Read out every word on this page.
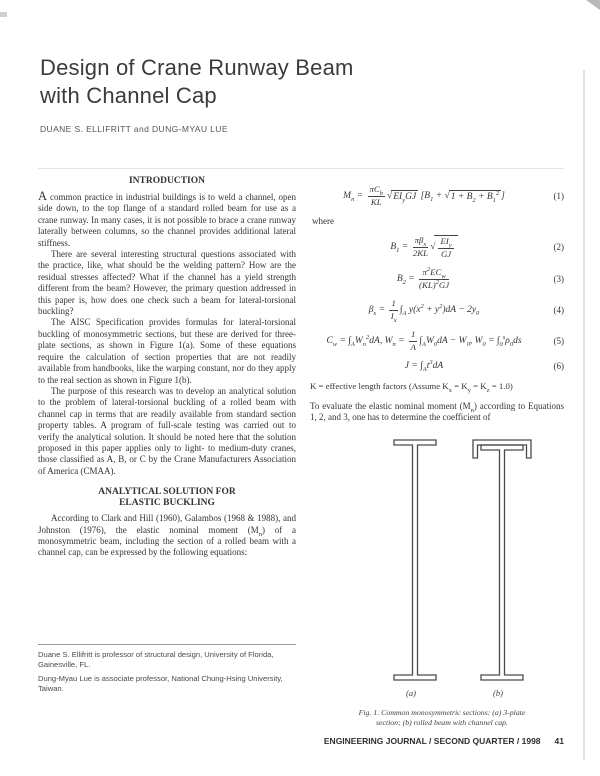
Design of Crane Runway Beam
with Channel Cap
DUANE S. ELLIFRITT and DUNG-MYAU LUE

INTRODUCTION

A common practice in industrial buildings is to weld a channel, open side down, to the top flange of a standard rolled beam for use as a crane runway. In many cases, it is not possible to brace a crane runway laterally between columns, so the channel provides additional lateral stiffness.

There are several interesting structural questions associated with the practice, like, what should be the welding pattern? How are the residual stresses affected? What if the channel has a yield strength different from the beam? However, the primary question addressed in this paper is, how does one check such a beam for lateral-torsional buckling?

The AISC Specification provides formulas for lateral-torsional buckling of monosymmetric sections, but these are derived for three-plate sections, as shown in Figure 1(a). Some of these equations require the calculation of section properties that are not readily available from handbooks, like the warping constant, nor do they apply to the real section as shown in Figure 1(b).

The purpose of this research was to develop an analytical solution to the problem of lateral-torsional buckling of a rolled beam with channel cap in terms that are readily available from standard section property tables. A program of full-scale testing was carried out to verify the analytical solution. It should be noted here that the solution proposed in this paper applies only to light- to medium-duty cranes, those classified as A, B, or C by the Crane Manufacturers Association of America (CMAA).

ANALYTICAL SOLUTION FOR

ELASTIC BUCKLING

According to Clark and Hill (1960), Galambos (1968 & 1988), and Johnston (1976), the elastic nominal moment $(M_n)$ of a monosymmetric beam, including the section of a rolled beam with a channel cap, can be expressed by the following equations:

$M_n = \frac{\pi C_b}{KL}$ √ $EI_yGJ$ [$B_1$ + √ $1 + B_2 + B_1^2$ ]	(1)
where
$B_1 = \frac{\pi\beta_x}{2KL}$ √ $\frac{EI_y}{GJ}$	(2)
$B_2 = \frac{\pi^2EC_w}{(KL)^2GJ}$	(3)
$\beta_x = \frac{1}{I_x} \int_A$ $y(x^2 + y^2)dA - 2y_0$	(4)
$C_w = \int_AW_n^2dA$, $W_n = \frac{1}{A} \int_AW_0dA - W_0$, $W_0 = \int_0^s\rho_0ds$	(5)
$J = \int_At^3dA$	(6)
K = effective length factors (Assume $K_x = K_y = K_z = 1.0$)

To evaluate the elastic nominal moment $(M_n)$ according to Equations 1, 2, and 3, one has to determine the coefficient of

(a)	(b)
Fig. 1. Common monosymmetric sections: (a) 3-plate
section; (b) rolled beam with channel cap.

Duane S. Ellifritt is professor of structural design, University of Florida, Gainesville, FL.

Dung-Myau Lue is associate professor, National Chung-Hsing University, Taiwan.

ENGINEERING JOURNAL / SECOND QUARTER / 1998 41
